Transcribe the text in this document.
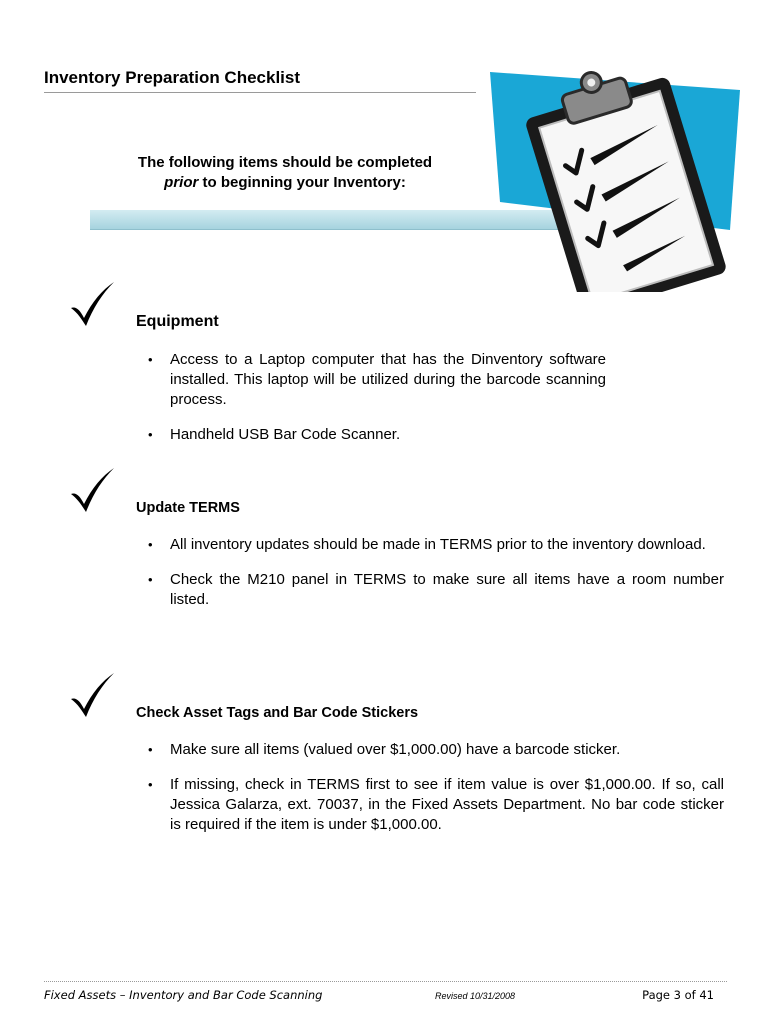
Inventory Preparation Checklist
The following items should be completed
prior to beginning your Inventory:
Equipment
• Access to a Laptop computer that has the Dinventory software installed. This laptop will be utilized during the barcode scanning process.
• Handheld USB Bar Code Scanner.
Update TERMS
• All inventory updates should be made in TERMS prior to the inventory download.
• Check the M210 panel in TERMS to make sure all items have a room number listed.
Check Asset Tags and Bar Code Stickers
• Make sure all items (valued over $1,000.00) have a barcode sticker.
• If missing, check in TERMS first to see if item value is over $1,000.00. If so, call Jessica Galarza, ext. 70037, in the Fixed Assets Department. No bar code sticker is required if the item is under $1,000.00.
Fixed Assets – Inventory and Bar Code Scanning	Revised 10/31/2008	Page 3 of 41
